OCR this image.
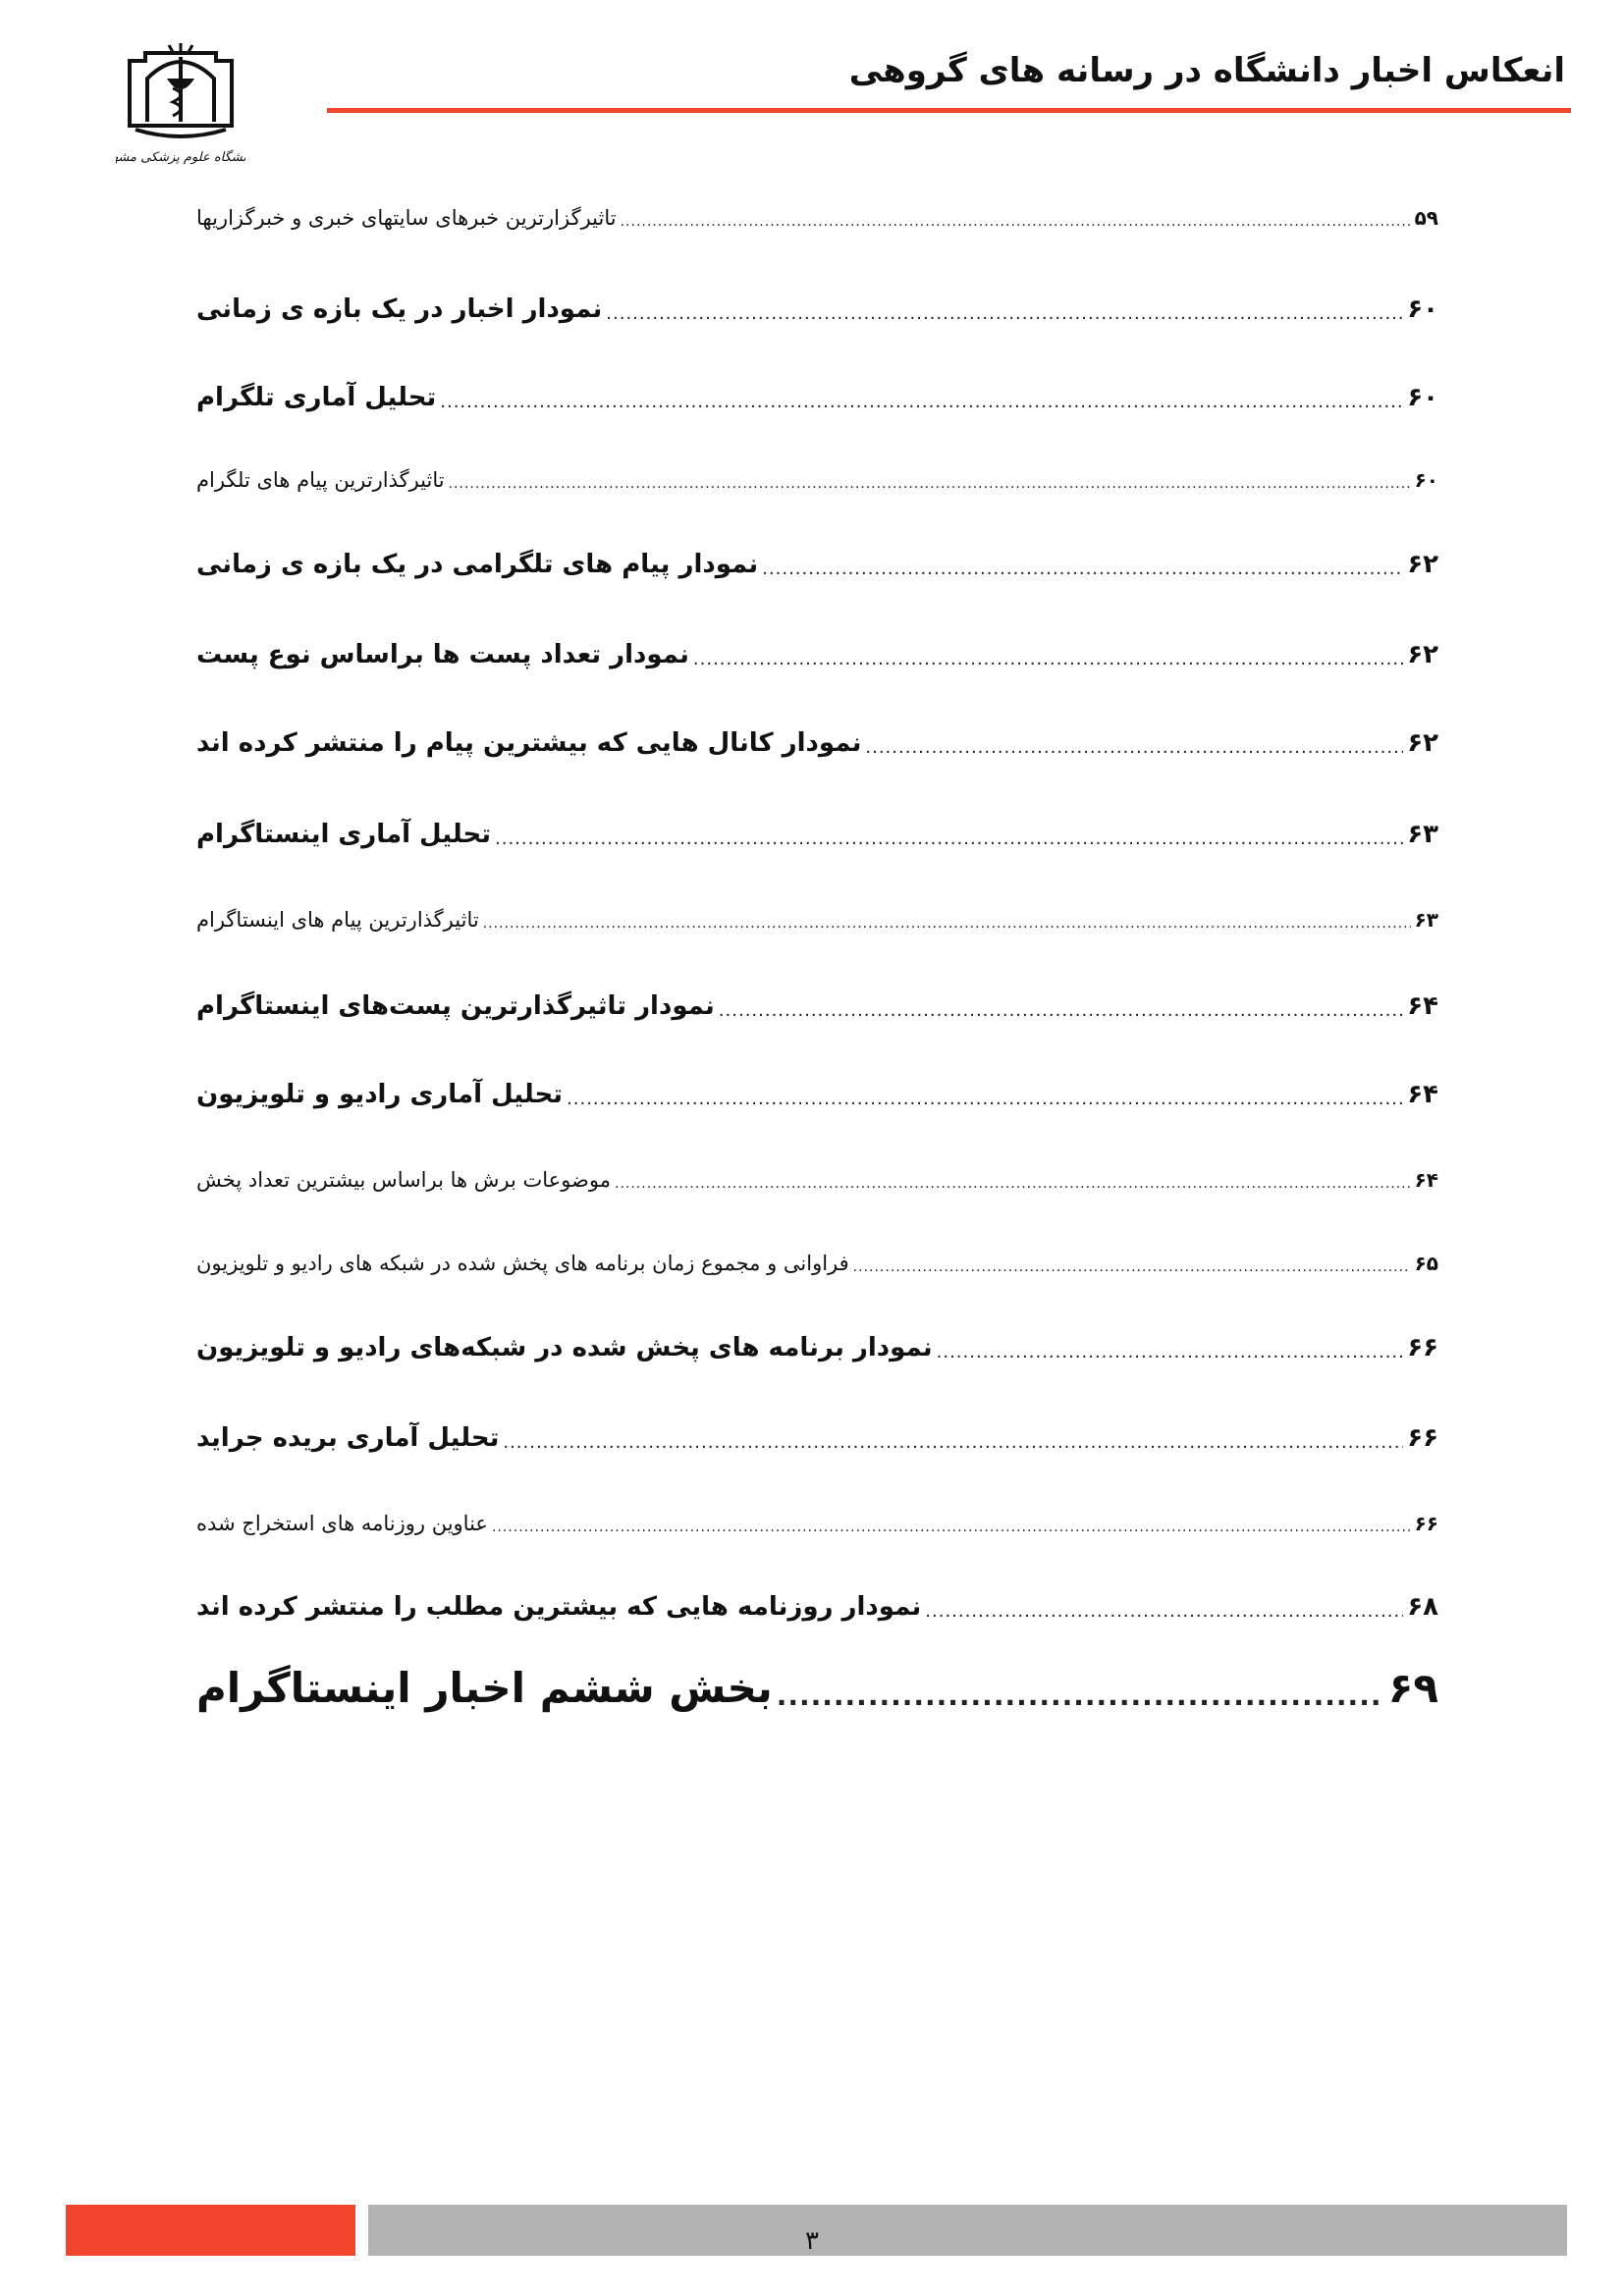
انعکاس اخبار دانشگاه در رسانه های گروهی
شگاه علوم پزشکی مش
تاثیرگزارترین خبرهای سایتهای خبری و خبرگزاریها .....	۵۹
نمودار اخبار در یک بازه ی زمانی .....	۶۰
تحلیل آماری تلگرام .....	۶۰
تاثیرگذارترین پیام های تلگرام .....	۶۰
نمودار پیام های تلگرامی در یک بازه ی زمانی .....	۶۲
نمودار تعداد پست ها براساس نوع پست .....	۶۲
نمودار کانال هایی که بیشترین پیام را منتشر کرده اند .....	۶۲
تحلیل آماری اینستاگرام .....	۶۳
تاثیرگذارترین پیام های اینستاگرام .....	۶۳
نمودار تاثیرگذارترین پست‌های اینستاگرام .....	۶۴
تحلیل آماری رادیو و تلویزیون .....	۶۴
موضوعات برش ها براساس بیشترین تعداد پخش .....	۶۴
فراوانی و مجموع زمان برنامه های پخش شده در شبکه های رادیو و تلویزیون .....	۶۵
نمودار برنامه های پخش شده در شبکه‌های رادیو و تلویزیون .....	۶۶
تحلیل آماری بریده جراید .....	۶۶
عناوین روزنامه های استخراج شده .....	۶۶
نمودار روزنامه هایی که بیشترین مطلب را منتشر کرده اند .....	۶۸
بخش ششم اخبار اینستاگرام .....	۶۹
۳
